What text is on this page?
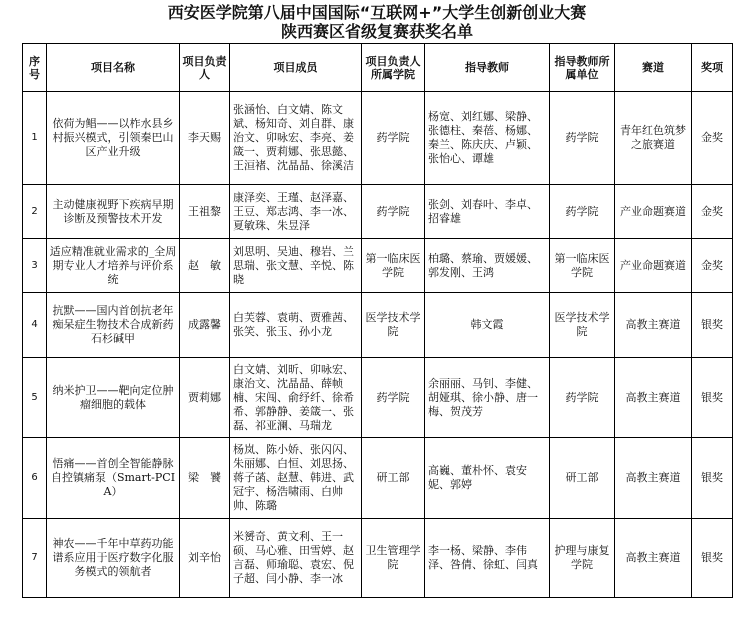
西安医学院第八届中国国际“互联网+”大学生创新创业大赛
陕西赛区省级复赛获奖名单
序号	项目名称	项目负责人	项目成员	项目负责人所属学院	指导教师	指导教师所属单位	赛道	奖项
1	依荷为鲳——以柞水县乡村振兴模式，引领秦巴山区产业升级	李天赐	张涵怡、白文婧、陈文斌、杨知奇、刘自群、康治文、卯咏宏、李亮、姜箴一、贾莉娜、张思懿、王洹褚、沈晶晶、徐溪洁	药学院	杨宽、刘红娜、梁静、张德柱、秦蓓、杨娜、秦兰、陈庆庆、卢颖、张怡心、谭雄	药学院	青年红色筑梦之旅赛道	金奖
2	主动健康视野下疾病早期诊断及预警技术开发	王祖黎	康泽奕、王瑾、赵泽嘉、王豆、郑志鸿、李一冰、夏敏珠、朱昱泽	药学院	张剑、刘春叶、李卓、招睿雄	药学院	产业命题赛道	金奖
3	适应精准就业需求的_全周期专业人才培养与评价系统	赵　敏	刘思明、吴迪、穆岩、兰思瑞、张文慧、辛悦、陈晓	第一临床医学院	柏璐、蔡瑜、贾媛媛、郭发刚、王鸿	第一临床医学院	产业命题赛道	金奖
4	抗默——国内首创抗老年痴呆症生物技术合成新药石杉碱甲	成露馨	白芙蓉、袁萌、贾雅茜、张笑、张玉、孙小龙	医学技术学院	韩文霞	医学技术学院	高教主赛道	银奖
5	纳米护卫——靶向定位肿瘤细胞的载体	贾莉娜	白文婧、刘昕、卯咏宏、康治文、沈晶晶、薛帧楠、宋闯、俞纾纤、徐希希、郭静静、姜箴一、张磊、祁亚澜、马瑞龙	药学院	余丽丽、马钊、李健、胡娅琪、徐小静、唐一梅、贺茂芳	药学院	高教主赛道	银奖
6	悟痛——首创全智能静脉自控镇痛泵（Smart-PCIA）	梁　饕	杨岚、陈小娇、张闪闪、朱丽娜、白恒、刘思扬、蒋子菡、赵慧、韩进、武冠宇、杨浩啸雨、白帅帅、陈璐	研工部	高巍、董朴怀、袁安妮、郭婷	研工部	高教主赛道	银奖
7	神农——千年中草药功能谱系应用于医疗数字化服务模式的领航者	刘辛怡	米赟奇、黄文利、王一硕、马心雅、田雪婷、赵言磊、师瑜聪、袁宏、倪子超、闫小静、李一冰	卫生管理学院	李一杨、梁静、李伟泽、咎倩、徐虹、闫真	护理与康复学院	高教主赛道	银奖
